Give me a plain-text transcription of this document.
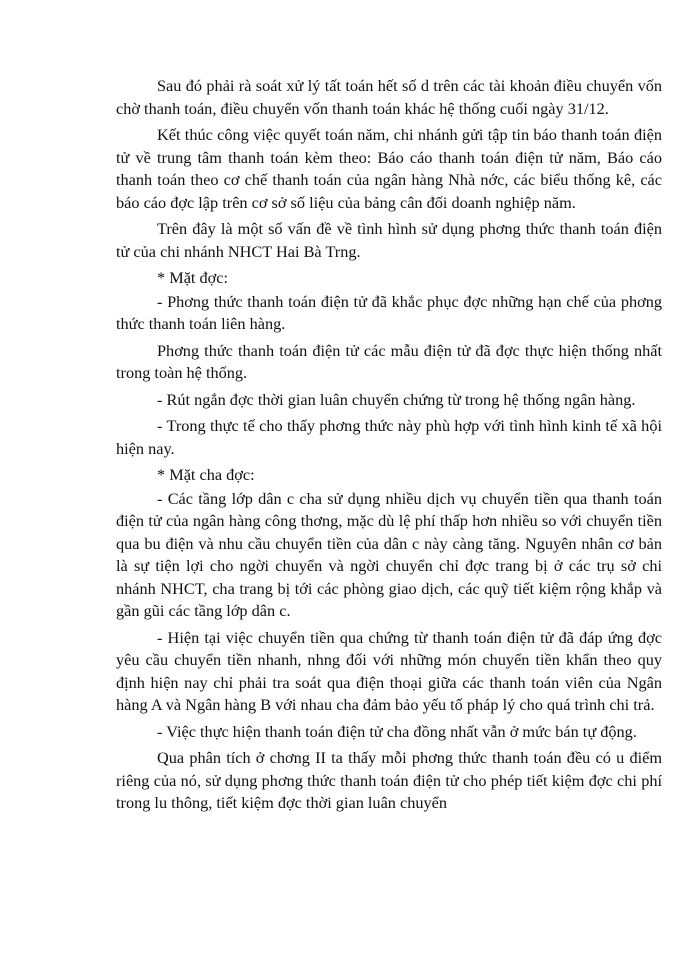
Sau đó phải rà soát xử lý tất toán hết số d trên các tài khoản điều chuyển vốn chờ thanh toán, điều chuyển vốn thanh toán khác hệ thống cuối ngày 31/12.

Kết thúc công việc quyết toán năm, chi nhánh gửi tập tin báo thanh toán điện tử về trung tâm thanh toán kèm theo: Báo cáo thanh toán điện tử năm, Báo cáo thanh toán theo cơ chế thanh toán của ngân hàng Nhà nớc, các biểu thống kê, các báo cáo đợc lập trên cơ sở số liệu của bảng cân đối doanh nghiệp năm.

Trên đây là một số vấn đề về tình hình sử dụng phơng thức thanh toán điện tử của chi nhánh NHCT Hai Bà Trng.

* Mặt đợc:

- Phơng thức thanh toán điện tử đã khắc phục đợc những hạn chế của phơng thức thanh toán liên hàng.

Phơng thức thanh toán điện tử các mẫu điện tử đã đợc thực hiện thống nhất trong toàn hệ thống.

- Rút ngắn đợc thời gian luân chuyển chứng từ trong hệ thống ngân hàng.

- Trong thực tế cho thấy phơng thức này phù hợp với tình hình kinh tế xã hội hiện nay.

* Mặt cha đợc:

- Các tầng lớp dân c cha sử dụng nhiều dịch vụ chuyển tiền qua thanh toán điện tử của ngân hàng công thơng, mặc dù lệ phí thấp hơn nhiều so với chuyển tiền qua bu điện và nhu cầu chuyển tiền của dân c này càng tăng. Nguyên nhân cơ bản là sự tiện lợi cho ngời chuyển và ngời chuyển chỉ đợc trang bị ở các trụ sở chi nhánh NHCT, cha trang bị tới các phòng giao dịch, các quỹ tiết kiệm rộng khắp và gần gũi các tầng lớp dân c.

- Hiện tại việc chuyển tiền qua chứng từ thanh toán điện tử đã đáp ứng đợc yêu cầu chuyển tiền nhanh, nhng đối với những món chuyển tiền khẩn theo quy định hiện nay chỉ phải tra soát qua điện thoại giữa các thanh toán viên của Ngân hàng A và Ngân hàng B với nhau cha đảm bảo yếu tố pháp lý cho quá trình chi trả.

- Việc thực hiện thanh toán điện tử cha đồng nhất vẫn ở mức bán tự động.

Qua phân tích ở chơng II ta thấy mỗi phơng thức thanh toán đều có u điểm riêng của nó, sử dụng phơng thức thanh toán điện tử cho phép tiết kiệm đợc chi phí trong lu thông, tiết kiệm đợc thời gian luân chuyển
